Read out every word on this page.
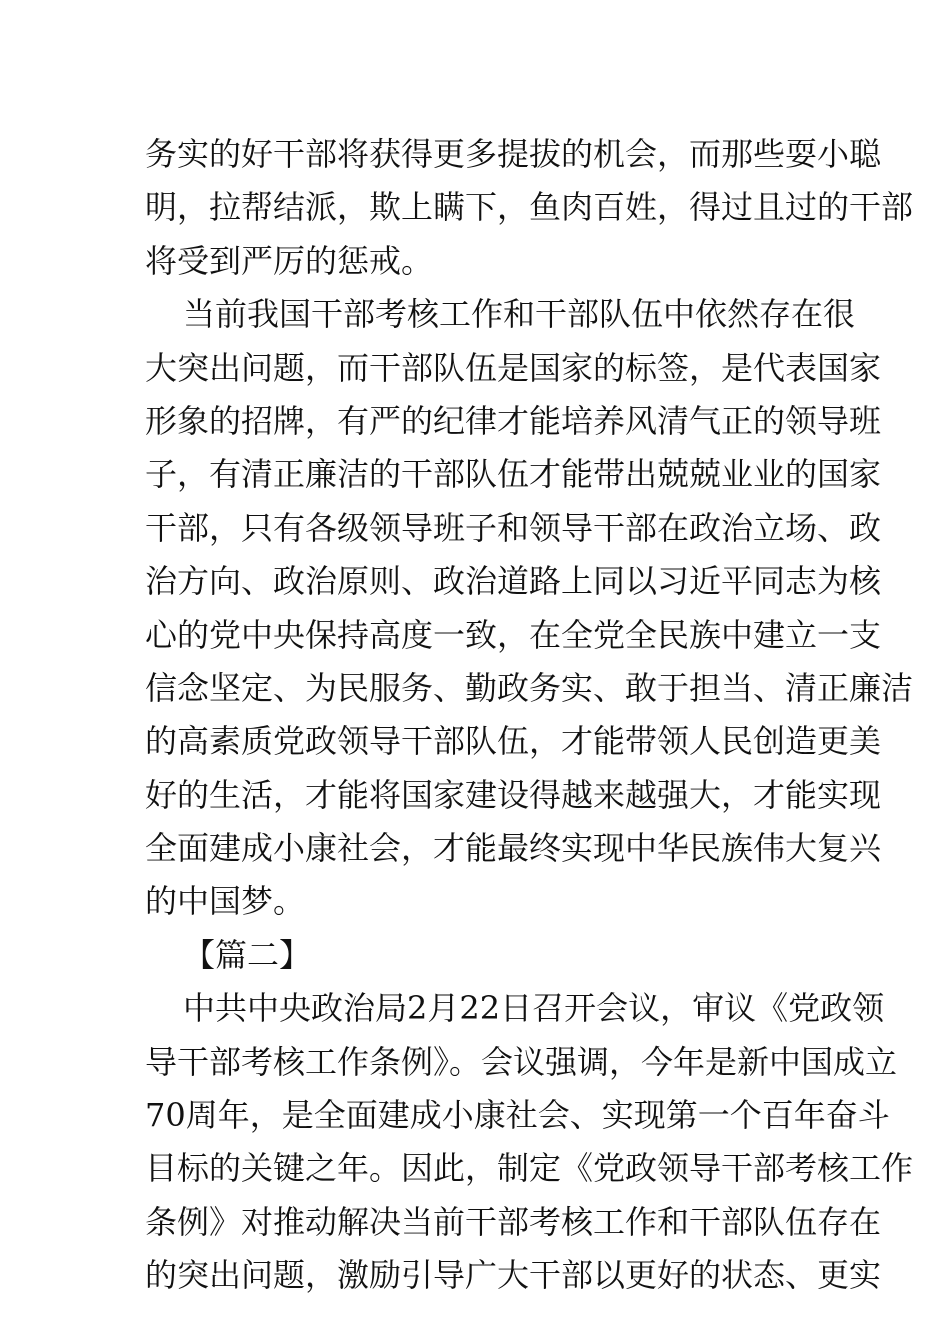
务实的好干部将获得更多提拔的机会，而那些耍小聪
明，拉帮结派，欺上瞒下，鱼肉百姓，得过且过的干部
将受到严厉的惩戒。
当前我国干部考核工作和干部队伍中依然存在很
大突出问题，而干部队伍是国家的标签，是代表国家
形象的招牌，有严的纪律才能培养风清气正的领导班
子，有清正廉洁的干部队伍才能带出兢兢业业的国家
干部，只有各级领导班子和领导干部在政治立场、政
治方向、政治原则、政治道路上同以习近平同志为核
心的党中央保持高度一致，在全党全民族中建立一支
信念坚定、为民服务、勤政务实、敢于担当、清正廉洁
的高素质党政领导干部队伍，才能带领人民创造更美
好的生活，才能将国家建设得越来越强大，才能实现
全面建成小康社会，才能最终实现中华民族伟大复兴
的中国梦。
【篇二】
中共中央政治局2月22日召开会议，审议《党政领
导干部考核工作条例》。会议强调，今年是新中国成立
70周年，是全面建成小康社会、实现第一个百年奋斗
目标的关键之年。因此，制定《党政领导干部考核工作
条例》对推动解决当前干部考核工作和干部队伍存在
的突出问题，激励引导广大干部以更好的状态、更实
